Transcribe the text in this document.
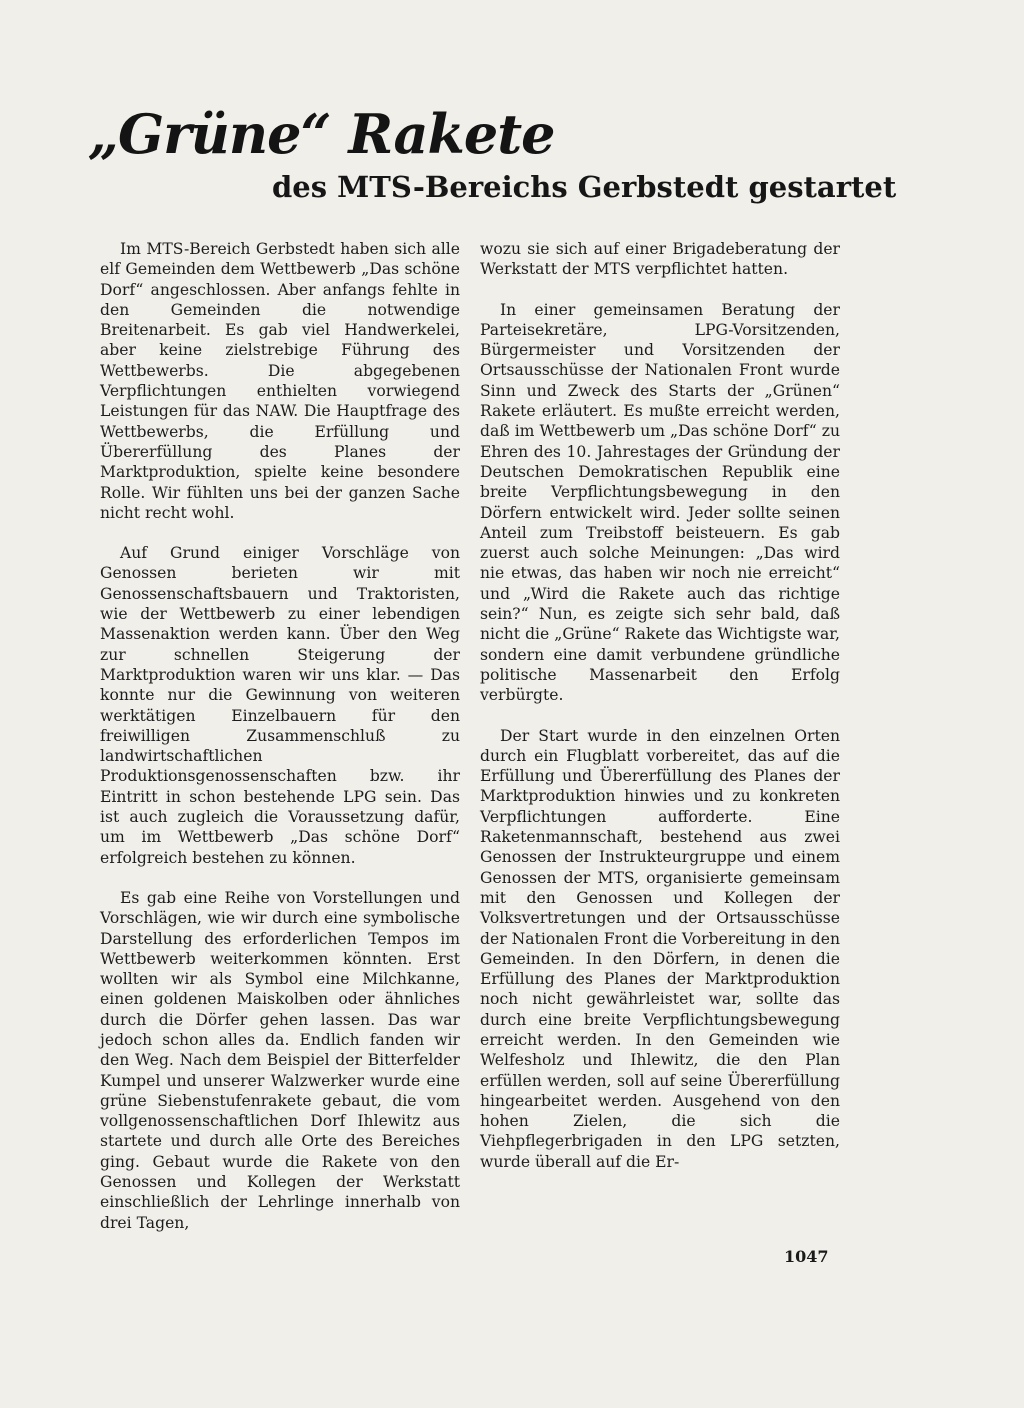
„Grüne“ Rakete
des MTS-Bereichs Gerbstedt gestartet

Im MTS-Bereich Gerbstedt haben sich alle elf Gemeinden dem Wettbewerb „Das schöne Dorf“ angeschlossen. Aber anfangs fehlte in den Gemeinden die notwendige Breitenarbeit. Es gab viel Handwerkelei, aber keine zielstrebige Führung des Wettbewerbs. Die abgegebenen Verpflichtungen enthielten vorwiegend Leistungen für das NAW. Die Hauptfrage des Wettbewerbs, die Erfüllung und Übererfüllung des Planes der Marktproduktion, spielte keine besondere Rolle. Wir fühlten uns bei der ganzen Sache nicht recht wohl.

Auf Grund einiger Vorschläge von Genossen berieten wir mit Genossenschaftsbauern und Traktoristen, wie der Wettbewerb zu einer lebendigen Massenaktion werden kann. Über den Weg zur schnellen Steigerung der Marktproduktion waren wir uns klar. — Das konnte nur die Gewinnung von weiteren werktätigen Einzelbauern für den freiwilligen Zusammenschluß zu landwirtschaftlichen Produktionsgenossenschaften bzw. ihr Eintritt in schon bestehende LPG sein. Das ist auch zugleich die Voraussetzung dafür, um im Wettbewerb „Das schöne Dorf“ erfolgreich bestehen zu können.

Es gab eine Reihe von Vorstellungen und Vorschlägen, wie wir durch eine symbolische Darstellung des erforderlichen Tempos im Wettbewerb weiterkommen könnten. Erst wollten wir als Symbol eine Milchkanne, einen goldenen Maiskolben oder ähnliches durch die Dörfer gehen lassen. Das war jedoch schon alles da. Endlich fanden wir den Weg. Nach dem Beispiel der Bitterfelder Kumpel und unserer Walzwerker wurde eine grüne Siebenstufenrakete gebaut, die vom vollgenossenschaftlichen Dorf Ihlewitz aus startete und durch alle Orte des Bereiches ging. Gebaut wurde die Rakete von den Genossen und Kollegen der Werkstatt einschließlich der Lehrlinge innerhalb von drei Tagen,

wozu sie sich auf einer Brigadeberatung der Werkstatt der MTS verpflichtet hatten.

In einer gemeinsamen Beratung der Parteisekretäre, LPG-Vorsitzenden, Bürgermeister und Vorsitzenden der Ortsausschüsse der Nationalen Front wurde Sinn und Zweck des Starts der „Grünen“ Rakete erläutert. Es mußte erreicht werden, daß im Wettbewerb um „Das schöne Dorf“ zu Ehren des 10. Jahrestages der Gründung der Deutschen Demokratischen Republik eine breite Verpflichtungsbewegung in den Dörfern entwickelt wird. Jeder sollte seinen Anteil zum Treibstoff beisteuern. Es gab zuerst auch solche Meinungen: „Das wird nie etwas, das haben wir noch nie erreicht“ und „Wird die Rakete auch das richtige sein?“ Nun, es zeigte sich sehr bald, daß nicht die „Grüne“ Rakete das Wichtigste war, sondern eine damit verbundene gründliche politische Massenarbeit den Erfolg verbürgte.

Der Start wurde in den einzelnen Orten durch ein Flugblatt vorbereitet, das auf die Erfüllung und Übererfüllung des Planes der Marktproduktion hinwies und zu konkreten Verpflichtungen aufforderte. Eine Raketenmannschaft, bestehend aus zwei Genossen der Instrukteurgruppe und einem Genossen der MTS, organisierte gemeinsam mit den Genossen und Kollegen der Volksvertretungen und der Ortsausschüsse der Nationalen Front die Vorbereitung in den Gemeinden. In den Dörfern, in denen die Erfüllung des Planes der Marktproduktion noch nicht gewährleistet war, sollte das durch eine breite Verpflichtungsbewegung erreicht werden. In den Gemeinden wie Welfesholz und Ihlewitz, die den Plan erfüllen werden, soll auf seine Übererfüllung hingearbeitet werden. Ausgehend von den hohen Zielen, die sich die Viehpflegerbrigaden in den LPG setzten, wurde überall auf die Er-

1047
